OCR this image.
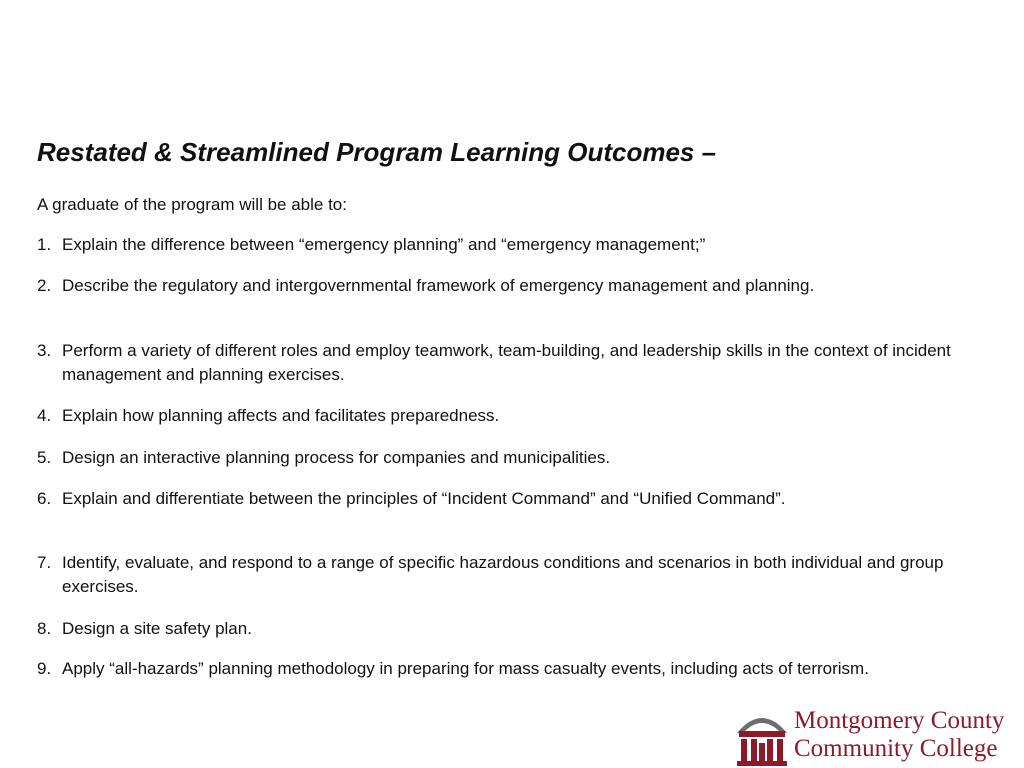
Restated & Streamlined Program Learning Outcomes –

A graduate of the program will be able to:

1. Explain the difference between “emergency planning” and “emergency management;”
2. Describe the regulatory and intergovernmental framework of emergency management and planning.
3. Perform a variety of different roles and employ teamwork, team-building, and leadership skills in the context of incident management and planning exercises.
4. Explain how planning affects and facilitates preparedness.
5. Design an interactive planning process for companies and municipalities.
6. Explain and differentiate between the principles of “Incident Command” and “Unified Command”.
7. Identify, evaluate, and respond to a range of specific hazardous conditions and scenarios in both individual and group exercises.
8. Design a site safety plan.
9. Apply “all-hazards” planning methodology in preparing for mass casualty events, including acts of terrorism.
Montgomery County
Community College
